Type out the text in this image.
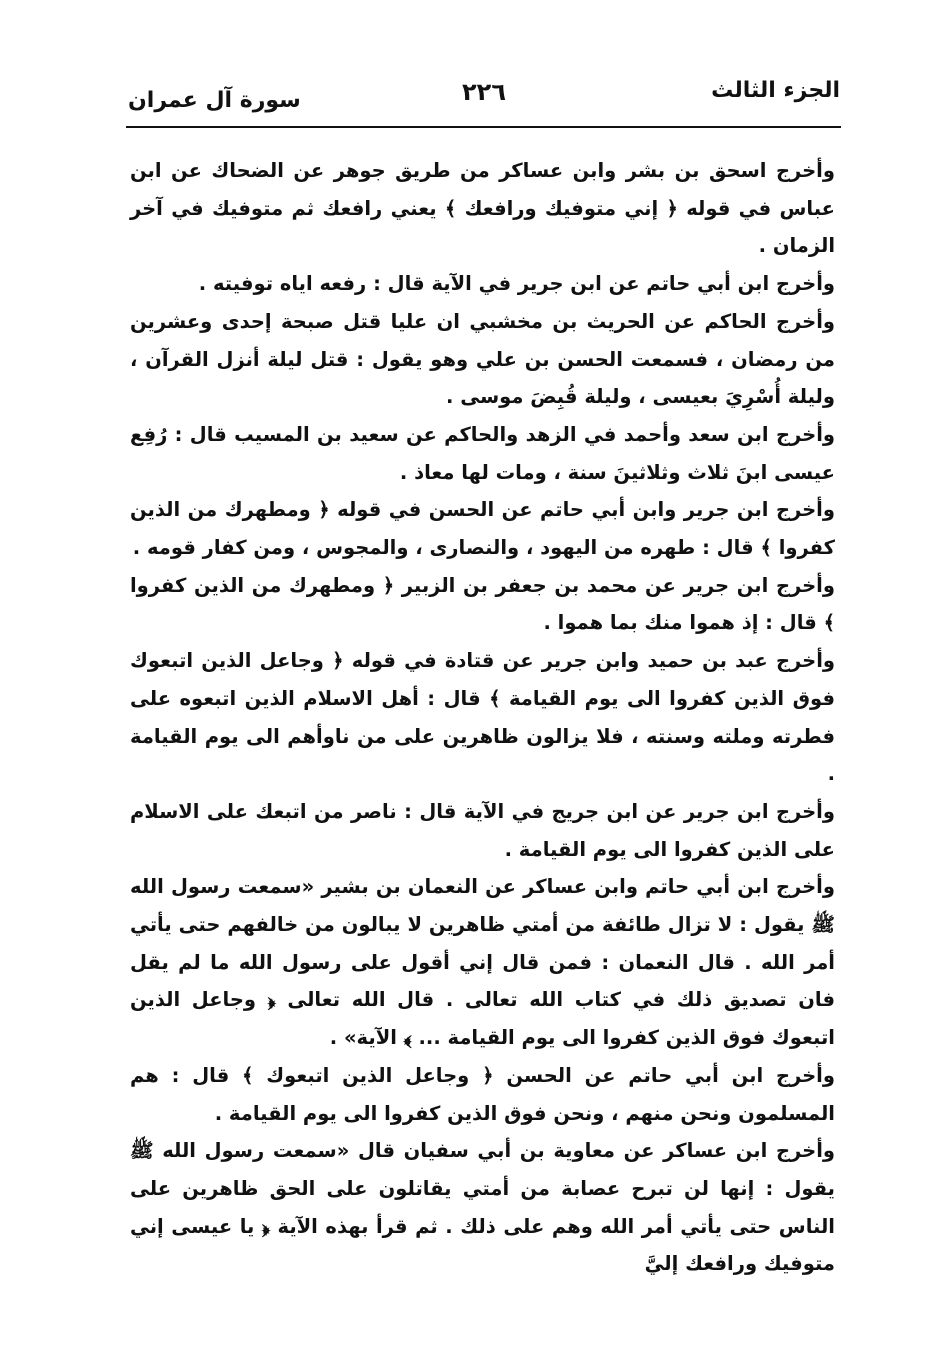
الجزء الثالث
٢٢٦
سورة آل عمران

وأخرج اسحق بن بشر وابن عساكر من طريق جوهر عن الضحاك عن ابن عباس في قوله ﴿ إني متوفيك ورافعك ﴾ يعني رافعك ثم متوفيك في آخر الزمان .

وأخرج ابن أبي حاتم عن ابن جرير في الآية قال : رفعه اياه توفيته .

وأخرج الحاكم عن الحريث بن مخشبي ان عليا قتل صبحة إحدى وعشرين من رمضان ، فسمعت الحسن بن علي وهو يقول : قتل ليلة أنزل القرآن ، وليلة أُسْرِيَ بعيسى ، وليلة قُبِضَ موسى .

وأخرج ابن سعد وأحمد في الزهد والحاكم عن سعيد بن المسيب قال : رُفِع عيسى ابنَ ثلاث وثلاثينَ سنة ، ومات لها معاذ .

وأخرج ابن جرير وابن أبي حاتم عن الحسن في قوله ﴿ ومطهرك من الذين كفروا ﴾ قال : طهره من اليهود ، والنصارى ، والمجوس ، ومن كفار قومه .

وأخرج ابن جرير عن محمد بن جعفر بن الزبير ﴿ ومطهرك من الذين كفروا ﴾ قال : إذ هموا منك بما هموا .

وأخرج عبد بن حميد وابن جرير عن قتادة في قوله ﴿ وجاعل الذين اتبعوك فوق الذين كفروا الى يوم القيامة ﴾ قال : أهل الاسلام الذين اتبعوه على فطرته وملته وسنته ، فلا يزالون ظاهرين على من ناوأهم الى يوم القيامة .

وأخرج ابن جرير عن ابن جريج في الآية قال : ناصر من اتبعك على الاسلام على الذين كفروا الى يوم القيامة .

وأخرج ابن أبي حاتم وابن عساكر عن النعمان بن بشير «سمعت رسول الله ﷺ يقول : لا تزال طائفة من أمتي ظاهرين لا يبالون من خالفهم حتى يأتي أمر الله . قال النعمان : فمن قال إني أقول على رسول الله ما لم يقل فان تصديق ذلك في كتاب الله تعالى . قال الله تعالى ﴿ وجاعل الذين اتبعوك فوق الذين كفروا الى يوم القيامة ... ﴾ الآية» .

وأخرج ابن أبي حاتم عن الحسن ﴿ وجاعل الذين اتبعوك ﴾ قال : هم المسلمون ونحن منهم ، ونحن فوق الذين كفروا الى يوم القيامة .

وأخرج ابن عساكر عن معاوية بن أبي سفيان قال «سمعت رسول الله ﷺ يقول : إنها لن تبرح عصابة من أمتي يقاتلون على الحق ظاهرين على الناس حتى يأتي أمر الله وهم على ذلك . ثم قرأ بهذه الآية ﴿ يا عيسى إني متوفيك ورافعك إليَّ
